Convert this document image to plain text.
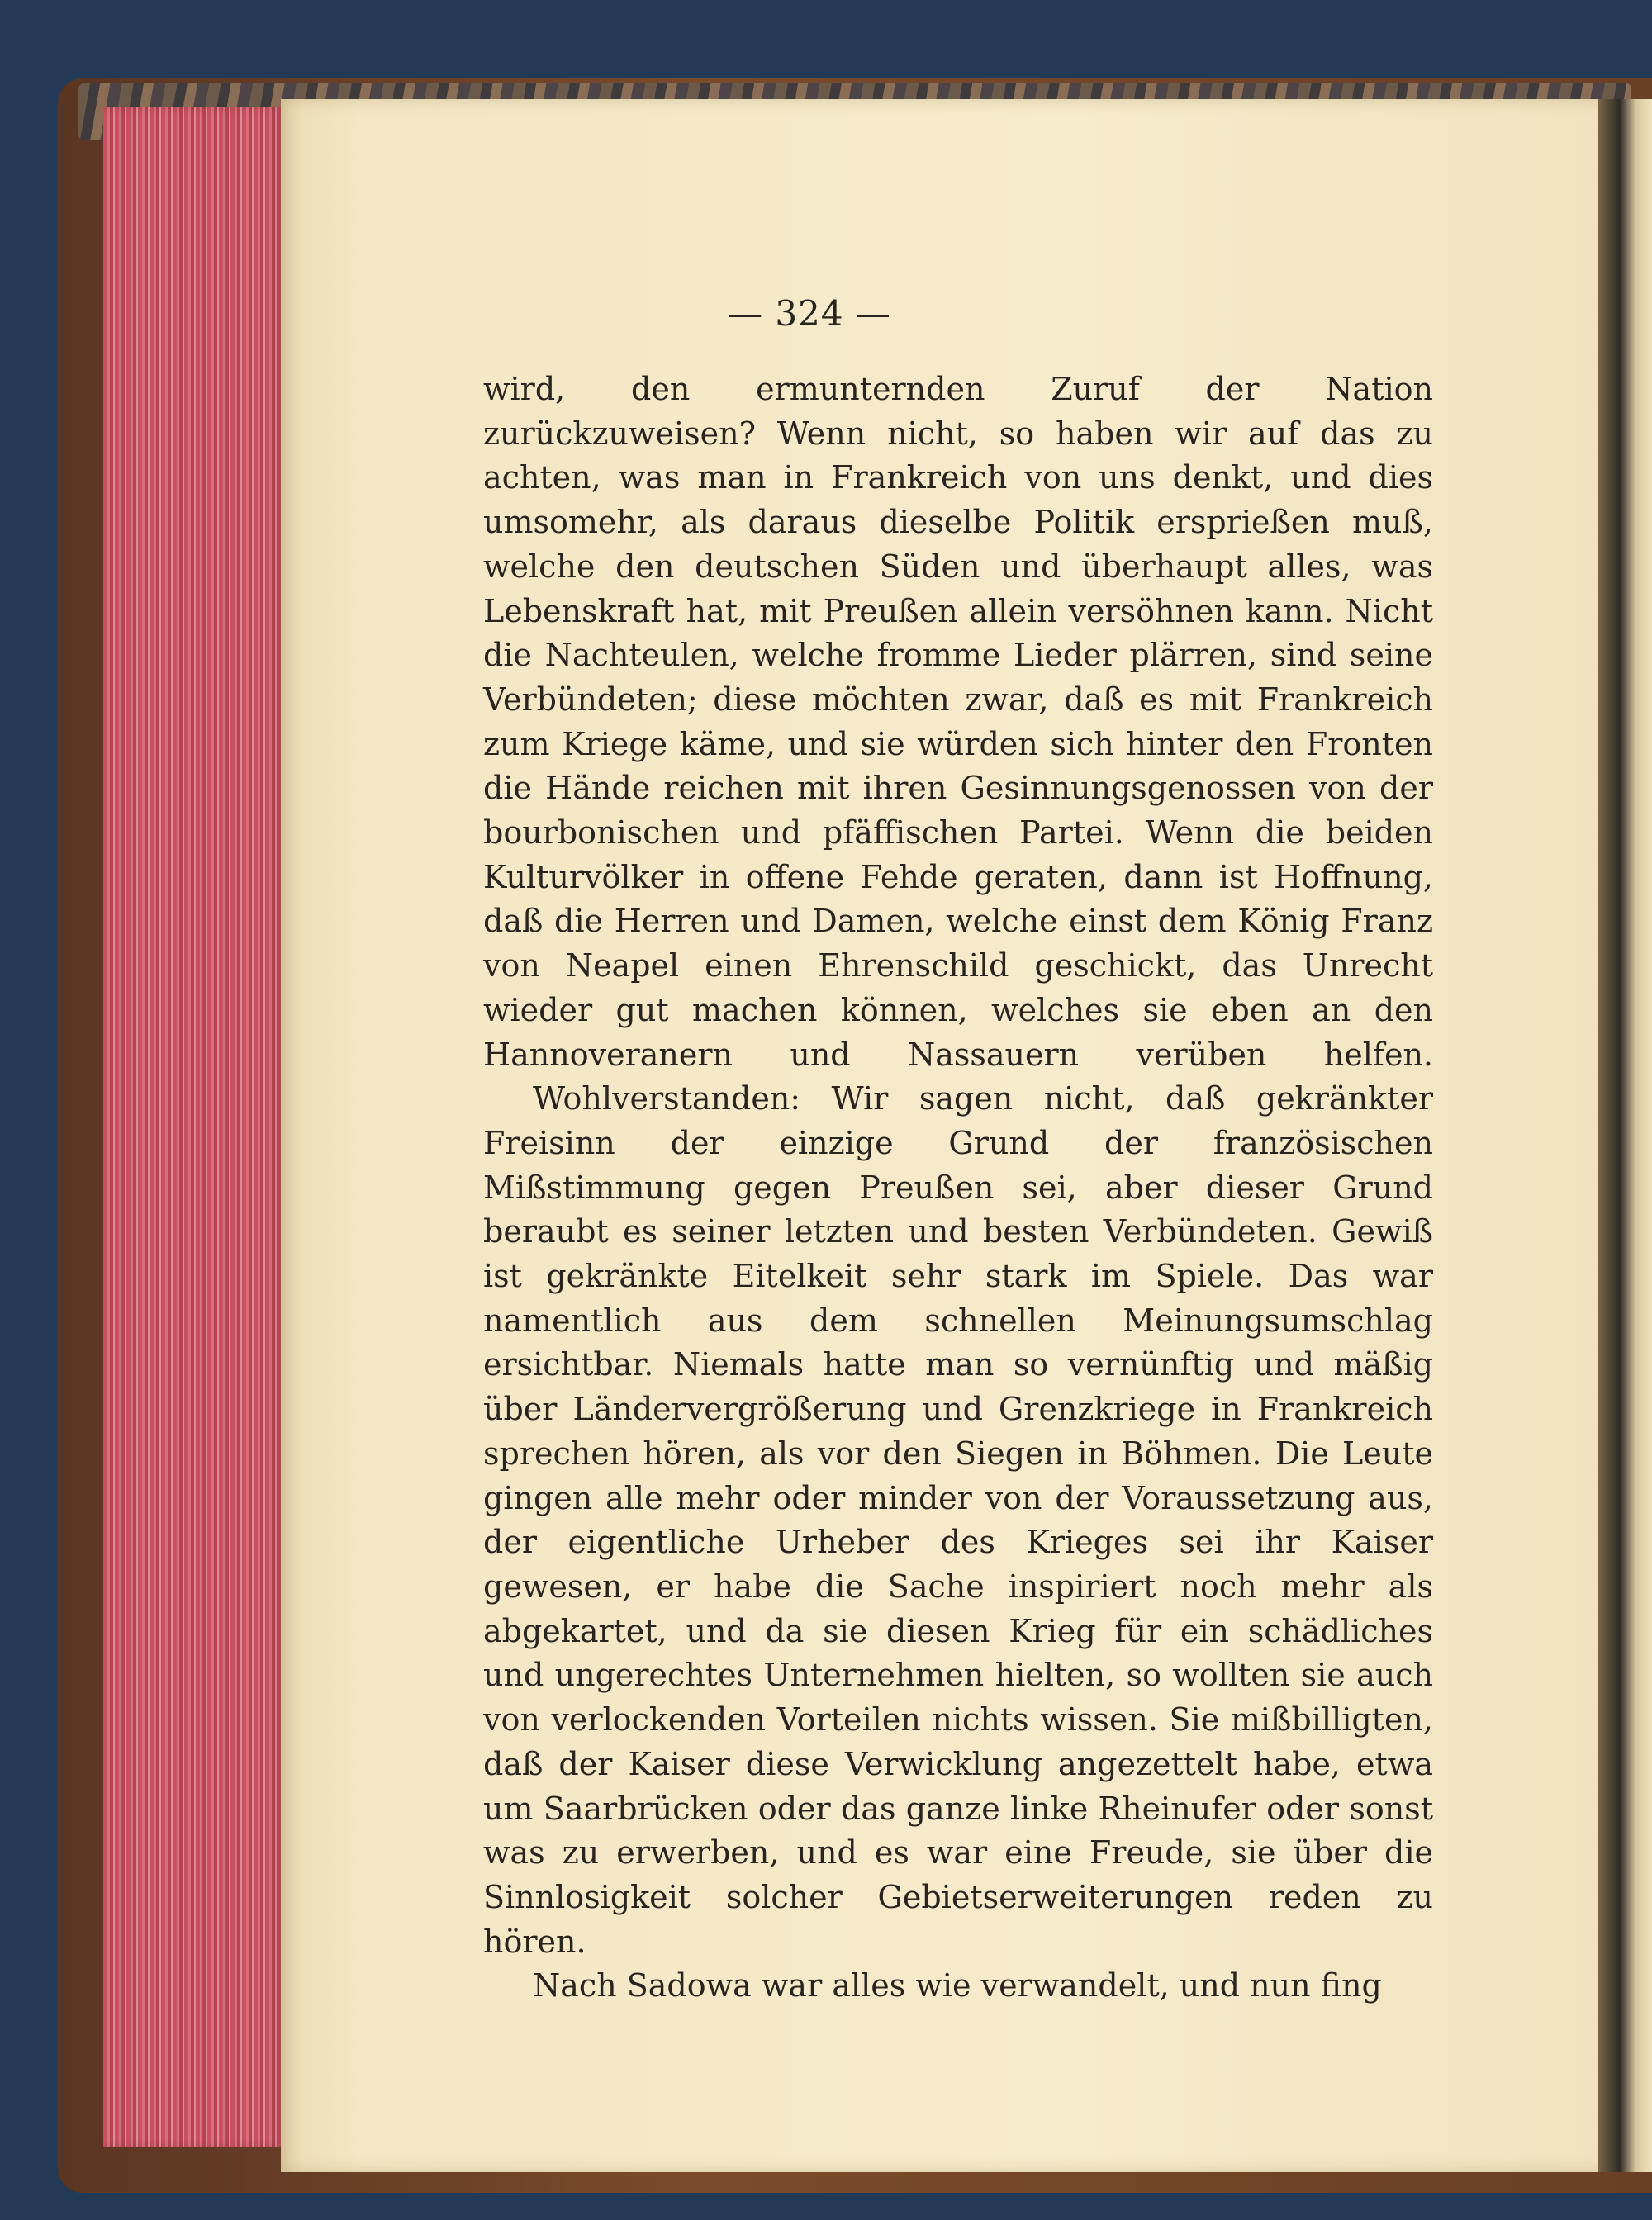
— 324 —

wird, den ermunternden Zuruf der Nation zurückzuweisen? Wenn nicht, so haben wir auf das zu achten, was man in Frankreich von uns denkt, und dies umsomehr, als daraus dieselbe Politik ersprießen muß, welche den deutschen Süden und überhaupt alles, was Lebenskraft hat, mit Preußen allein versöhnen kann. Nicht die Nachteulen, welche fromme Lieder plärren, sind seine Verbündeten; diese möchten zwar, daß es mit Frankreich zum Kriege käme, und sie würden sich hinter den Fronten die Hände reichen mit ihren Gesinnungsgenossen von der bourbonischen und pfäffischen Partei. Wenn die beiden Kulturvölker in offene Fehde geraten, dann ist Hoffnung, daß die Herren und Damen, welche einst dem König Franz von Neapel einen Ehrenschild geschickt, das Unrecht wieder gut machen können, welches sie eben an den Hannoveranern und Nassauern verüben helfen.

Wohlverstanden: Wir sagen nicht, daß gekränkter Freisinn der einzige Grund der französischen Mißstimmung gegen Preußen sei, aber dieser Grund beraubt es seiner letzten und besten Verbündeten. Gewiß ist gekränkte Eitelkeit sehr stark im Spiele. Das war namentlich aus dem schnellen Meinungsumschlag ersichtbar. Niemals hatte man so vernünftig und mäßig über Ländervergrößerung und Grenzkriege in Frankreich sprechen hören, als vor den Siegen in Böhmen. Die Leute gingen alle mehr oder minder von der Voraussetzung aus, der eigentliche Urheber des Krieges sei ihr Kaiser gewesen, er habe die Sache inspiriert noch mehr als abgekartet, und da sie diesen Krieg für ein schädliches und ungerechtes Unternehmen hielten, so wollten sie auch von verlockenden Vorteilen nichts wissen. Sie mißbilligten, daß der Kaiser diese Verwicklung angezettelt habe, etwa um Saarbrücken oder das ganze linke Rheinufer oder sonst was zu erwerben, und es war eine Freude, sie über die Sinnlosigkeit solcher Gebietserweiterungen reden zu hören.

Nach Sadowa war alles wie verwandelt, und nun fing
